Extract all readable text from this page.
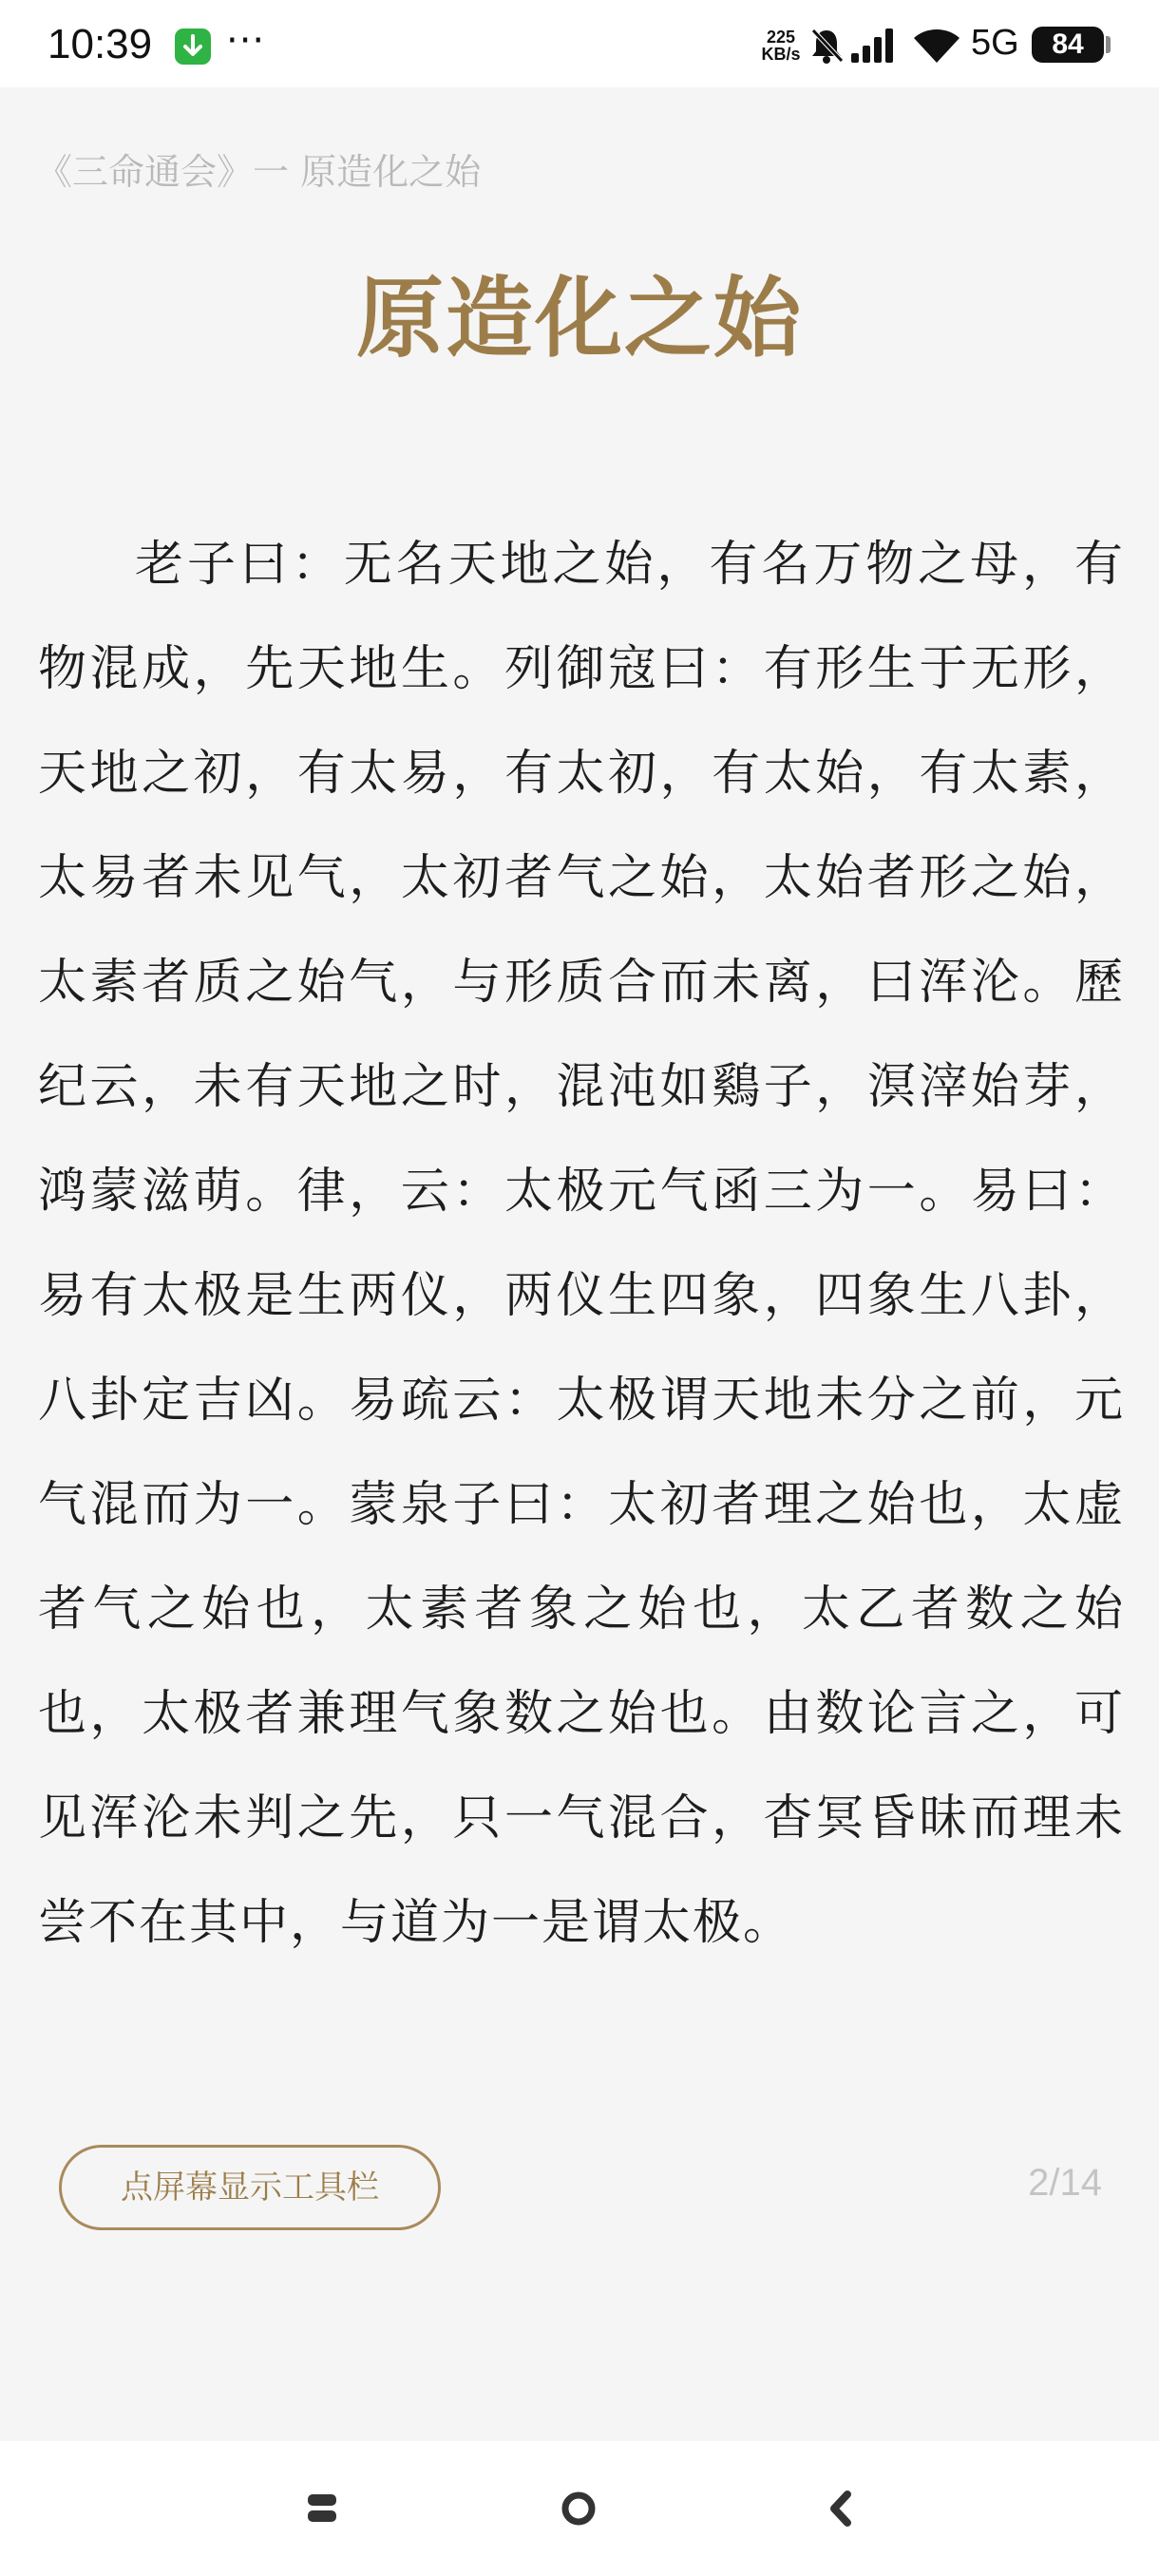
10:39 ···	225
KB/s	5G	84
《三命通会》一 原造化之始
原造化之始
老子曰：无名天地之始，有名万物之母，有物混成，先天地生。列御寇曰：有形生于无形，天地之初，有太易，有太初，有太始，有太素，太易者未见气，太初者气之始，太始者形之始，太素者质之始气，与形质合而未离，曰浑沦。歷纪云，未有天地之时，混沌如鷄子，溟滓始芽，鸿蒙滋萌。律，云：太极元气函三为一。易曰：易有太极是生两仪，两仪生四象，四象生八卦，八卦定吉凶。易疏云：太极谓天地未分之前，元气混而为一。蒙泉子曰：太初者理之始也，太虚者气之始也，太素者象之始也，太乙者数之始也，太极者兼理气象数之始也。由数论言之，可见浑沦未判之先，只一气混合，杳冥昏昧而理未尝不在其中，与道为一是谓太极。
点屏幕显示工具栏	2/14
